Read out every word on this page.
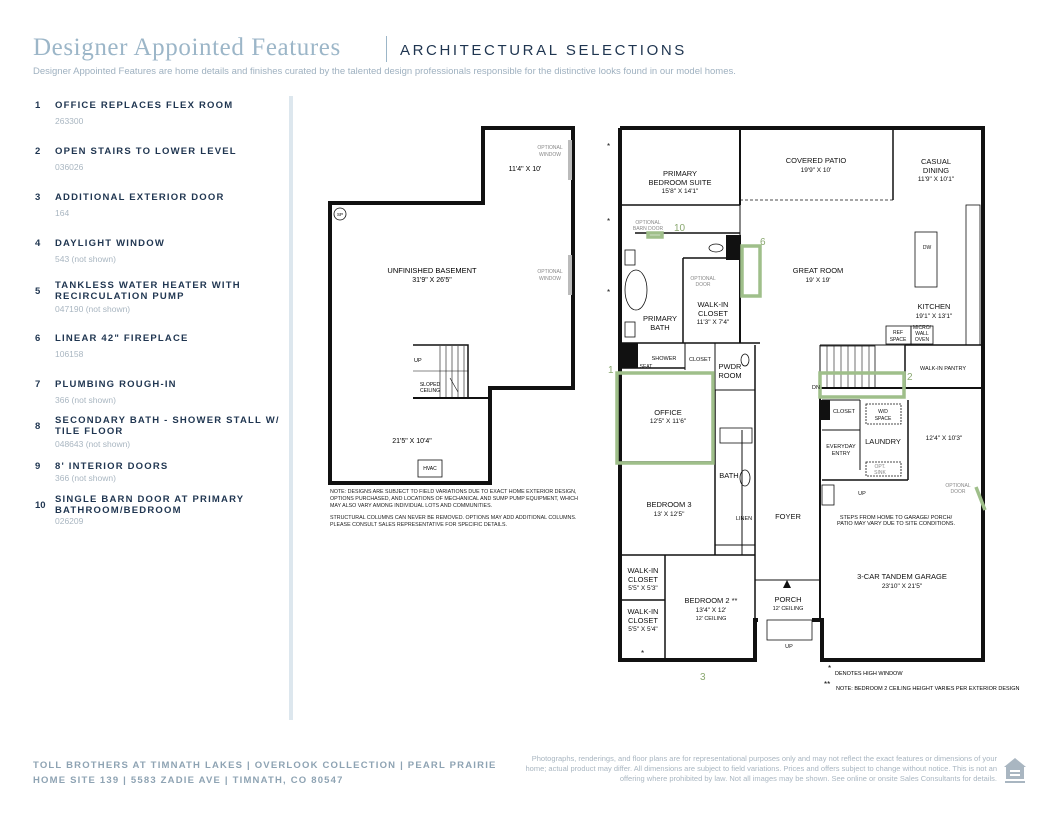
Designer Appointed Features	ARCHITECTURAL SELECTIONS
Designer Appointed Features are home details and finishes curated by the talented design professionals responsible for the distinctive looks found in our model homes.
1 OFFICE REPLACES FLEX ROOM
263300
2 OPEN STAIRS TO LOWER LEVEL
036026
3 ADDITIONAL EXTERIOR DOOR
164
4 DAYLIGHT WINDOW
543 (not shown)
5
TANKLESS WATER HEATER WITH RECIRCULATION PUMP
047190 (not shown)
6 LINEAR 42" FIREPLACE
106158
7 PLUMBING ROUGH-IN
366 (not shown)
8
SECONDARY BATH - SHOWER STALL W/ TILE FLOOR
048643 (not shown)
9 8' INTERIOR DOORS
366 (not shown)
10
SINGLE BARN DOOR AT PRIMARY BATHROOM/BEDROOM
026209
UNFINISHED BASEMENT
31'9" X 26'5"
11'4" X 10'
21'5" X 10'4"
SP
UP
SLOPED
CEILING
HVAC
OPTIONAL
WINDOW
OPTIONAL
WINDOW
PRIMARY
BEDROOM SUITE
15'8" X 14'1"
COVERED PATIO
19'9" X 10'
CASUAL
DINING
11'9" X 10'1"
GREAT ROOM
19' X 19'
KITCHEN
19'1" X 13'1"
WALK-IN
CLOSET
11'3" X 7'4"
PRIMARY
BATH
OPTIONAL
BARN DOOR
OPTIONAL
DOOR
SHOWER
SEAT
CLOSET
PWDR
ROOM
OFFICE
12'5" X 11'6"
DN
WALK-IN PANTRY
REF
SPACE
MICRO/
WALL
OVEN
DW
W/D
SPACE
CLOSET
LAUNDRY
EVERYDAY
ENTRY
OPT.
SINK
UP
12'4" X 10'3"
OPTIONAL
DOOR
BEDROOM 3
13' X 12'5"
BATH
LINEN	FOYER	STEPS FROM HOME TO GARAGE/ PORCH/
PATIO MAY VARY DUE TO SITE CONDITIONS.
3-CAR TANDEM GARAGE
23'10" X 21'5"
WALK-IN
CLOSET
5'5" X 5'3"
WALK-IN
CLOSET
5'5" X 5'4"
BEDROOM 2 **
13'4" X 12'
12' CEILING
PORCH
12' CEILING
UP
*
*
*
*
1
2
3
6
10
*
DENOTES HIGH WINDOW
** NOTE: BEDROOM 2 CEILING HEIGHT VARIES PER EXTERIOR DESIGN

NOTE: DESIGNS ARE SUBJECT TO FIELD VARIATIONS DUE TO EXACT HOME EXTERIOR DESIGN, OPTIONS PURCHASED, AND LOCATIONS OF MECHANICAL AND SUMP PUMP EQUIPMENT, WHICH MAY ALSO VARY AMONG INDIVIDUAL LOTS AND COMMUNITIES.

STRUCTURAL COLUMNS CAN NEVER BE REMOVED. OPTIONS MAY ADD ADDITIONAL COLUMNS. PLEASE CONSULT SALES REPRESENTATIVE FOR SPECIFIC DETAILS.

TOLL BROTHERS AT TIMNATH LAKES | OVERLOOK COLLECTION | PEARL PRAIRIE
HOME SITE 139 | 5583 ZADIE AVE | TIMNATH, CO 80547
Photographs, renderings, and floor plans are for representational purposes only and may not reflect the exact features or dimensions of your home; actual product may differ. All dimensions are subject to field variations. Prices and offers subject to change without notice. This is not an offering where prohibited by law. Not all images may be shown. See online or onsite Sales Consultants for details.
